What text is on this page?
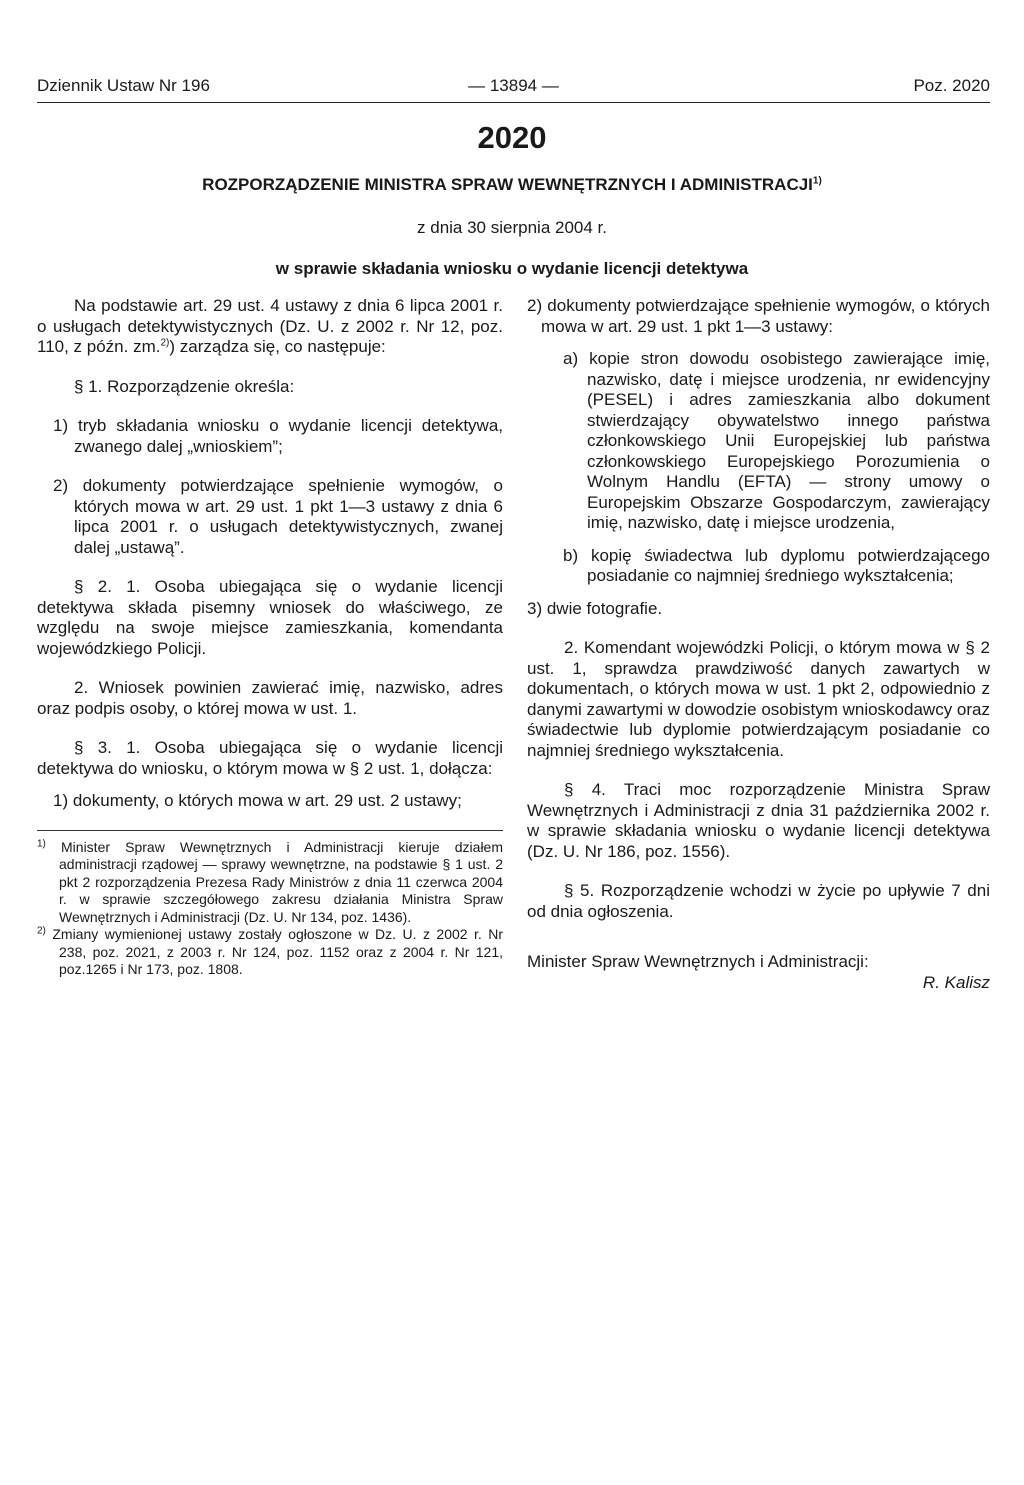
Dziennik Ustaw Nr 196	— 13894 —	Poz. 2020
2020
ROZPORZĄDZENIE MINISTRA SPRAW WEWNĘTRZNYCH I ADMINISTRACJI$^{1)}$
z dnia 30 sierpnia 2004 r.
w sprawie składania wniosku o wydanie licencji detektywa

Na podstawie art. 29 ust. 4 ustawy z dnia 6 lipca 2001 r. o usługach detektywistycznych (Dz. U. z 2002 r. Nr 12, poz. 110, z późn. zm.$^{2)}$) zarządza się, co następuje:

§ 1. Rozporządzenie określa:

1) tryb składania wniosku o wydanie licencji detektywa, zwanego dalej „wnioskiem”;

2) dokumenty potwierdzające spełnienie wymogów, o których mowa w art. 29 ust. 1 pkt 1—3 ustawy z dnia 6 lipca 2001 r. o usługach detektywistycznych, zwanej dalej „ustawą”.

§ 2. 1. Osoba ubiegająca się o wydanie licencji detektywa składa pisemny wniosek do właściwego, ze względu na swoje miejsce zamieszkania, komendanta wojewódzkiego Policji.

2. Wniosek powinien zawierać imię, nazwisko, adres oraz podpis osoby, o której mowa w ust. 1.

§ 3. 1. Osoba ubiegająca się o wydanie licencji detektywa do wniosku, o którym mowa w § 2 ust. 1, dołącza:

1) dokumenty, o których mowa w art. 29 ust. 2 ustawy;

$^{1)}$ Minister Spraw Wewnętrznych i Administracji kieruje działem administracji rządowej — sprawy wewnętrzne, na podstawie § 1 ust. 2 pkt 2 rozporządzenia Prezesa Rady Ministrów z dnia 11 czerwca 2004 r. w sprawie szczegółowego zakresu działania Ministra Spraw Wewnętrznych i Administracji (Dz. U. Nr 134, poz. 1436).

$^{2)}$ Zmiany wymienionej ustawy zostały ogłoszone w Dz. U. z 2002 r. Nr 238, poz. 2021, z 2003 r. Nr 124, poz. 1152 oraz z 2004 r. Nr 121, poz.1265 i Nr 173, poz. 1808.

2) dokumenty potwierdzające spełnienie wymogów, o których mowa w art. 29 ust. 1 pkt 1—3 ustawy:

a) kopie stron dowodu osobistego zawierające imię, nazwisko, datę i miejsce urodzenia, nr ewidencyjny (PESEL) i adres zamieszkania albo dokument stwierdzający obywatelstwo innego państwa członkowskiego Unii Europejskiej lub państwa członkowskiego Europejskiego Porozumienia o Wolnym Handlu (EFTA) — strony umowy o Europejskim Obszarze Gospodarczym, zawierający imię, nazwisko, datę i miejsce urodzenia,

b) kopię świadectwa lub dyplomu potwierdzającego posiadanie co najmniej średniego wykształcenia;

3) dwie fotografie.

2. Komendant wojewódzki Policji, o którym mowa w § 2 ust. 1, sprawdza prawdziwość danych zawartych w dokumentach, o których mowa w ust. 1 pkt 2, odpowiednio z danymi zawartymi w dowodzie osobistym wnioskodawcy oraz świadectwie lub dyplomie potwierdzającym posiadanie co najmniej średniego wykształcenia.

§ 4. Traci moc rozporządzenie Ministra Spraw Wewnętrznych i Administracji z dnia 31 października 2002 r. w sprawie składania wniosku o wydanie licencji detektywa (Dz. U. Nr 186, poz. 1556).

§ 5. Rozporządzenie wchodzi w życie po upływie 7 dni od dnia ogłoszenia.

Minister Spraw Wewnętrznych i Administracji:

R. Kalisz
